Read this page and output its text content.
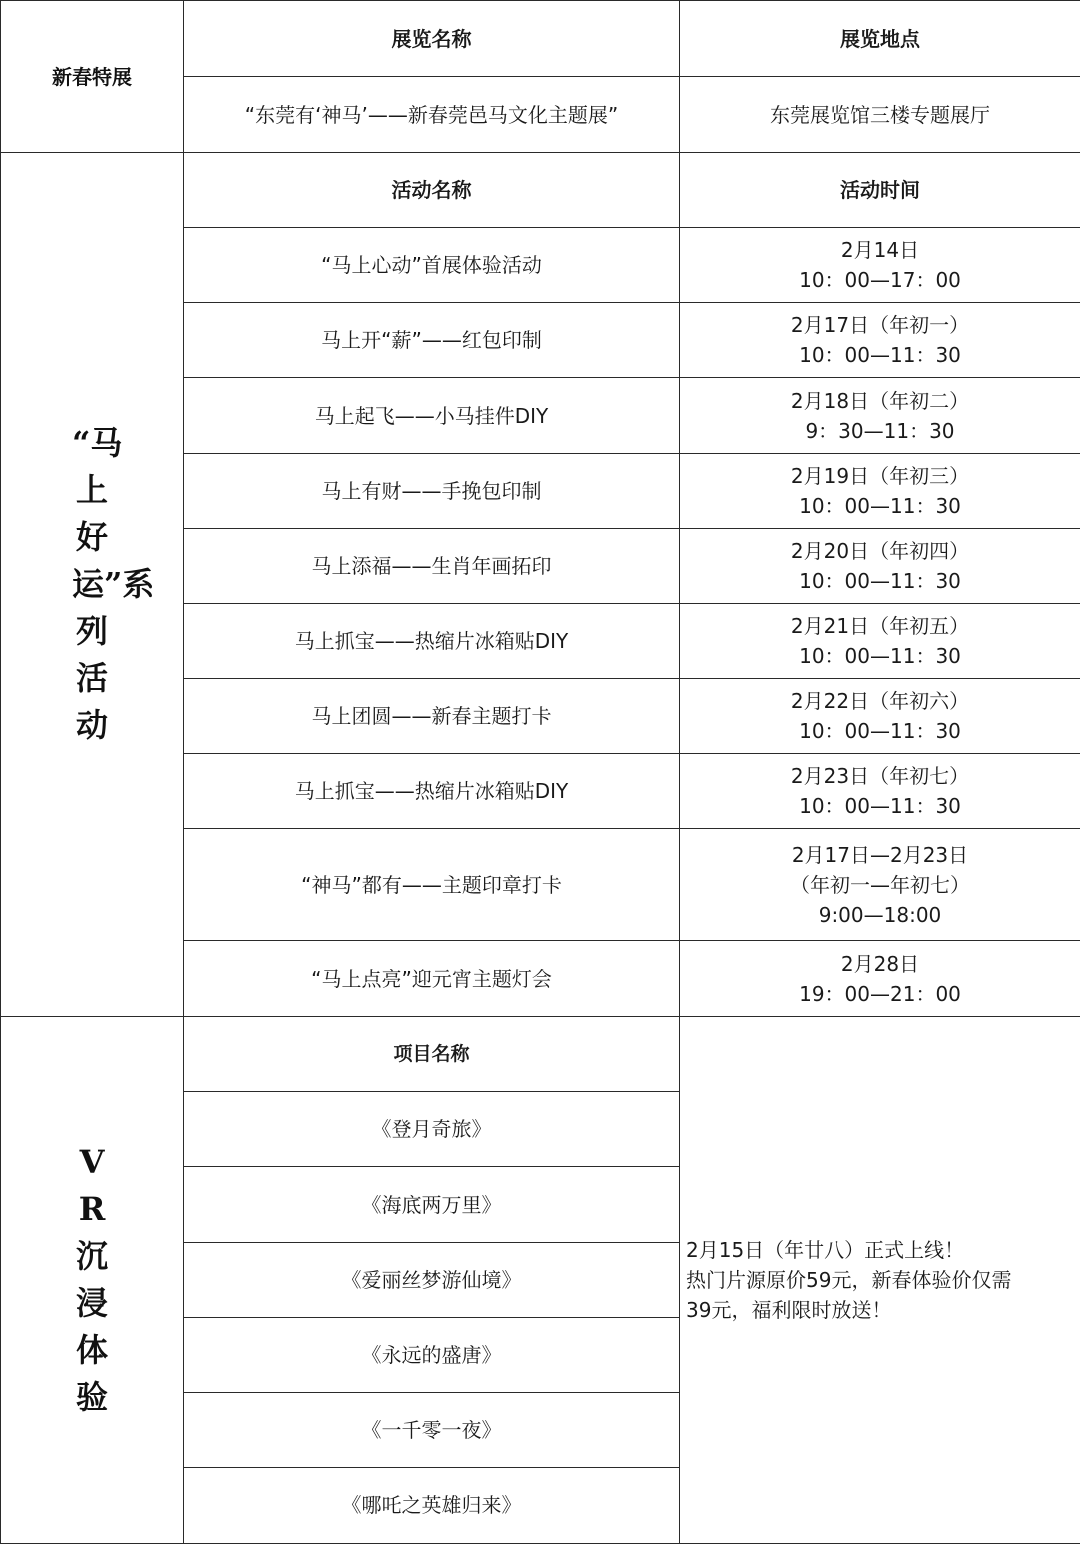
新春特展	展览名称	展览地点
	“东莞有‘神马’——新春莞邑马文化主题展”	东莞展览馆三楼专题展厅
“马上好运”系列活动	活动名称	活动时间
	“马上心动”首展体验活动	2月14日
10：00—17：00

	马上开“薪”——红包印制	2月17日（年初一）
10：00—11：30

	马上起飞——小马挂件DIY	2月18日（年初二）
9：30—11：30

	马上有财——手挽包印制	2月19日（年初三）
10：00—11：30

	马上添福——生肖年画拓印	2月20日（年初四）
10：00—11：30

	马上抓宝——热缩片冰箱贴DIY	2月21日（年初五）
10：00—11：30

	马上团圆——新春主题打卡	2月22日（年初六）
10：00—11：30

	马上抓宝——热缩片冰箱贴DIY	2月23日（年初七）
10：00—11：30

	“神马”都有——主题印章打卡	2月17日—2月23日
（年初一—年初七）
9:00—18:00

	“马上点亮”迎元宵主题灯会	2月28日
19：00—21：00

VR沉浸体验	项目名称	2月15日（年廿八）正式上线！
热门片源原价59元，新春体验价仅需
39元，福利限时放送！

	《登月奇旅》	
	《海底两万里》	
	《爱丽丝梦游仙境》	
	《永远的盛唐》	
	《一千零一夜》	
	《哪吒之英雄归来》	
